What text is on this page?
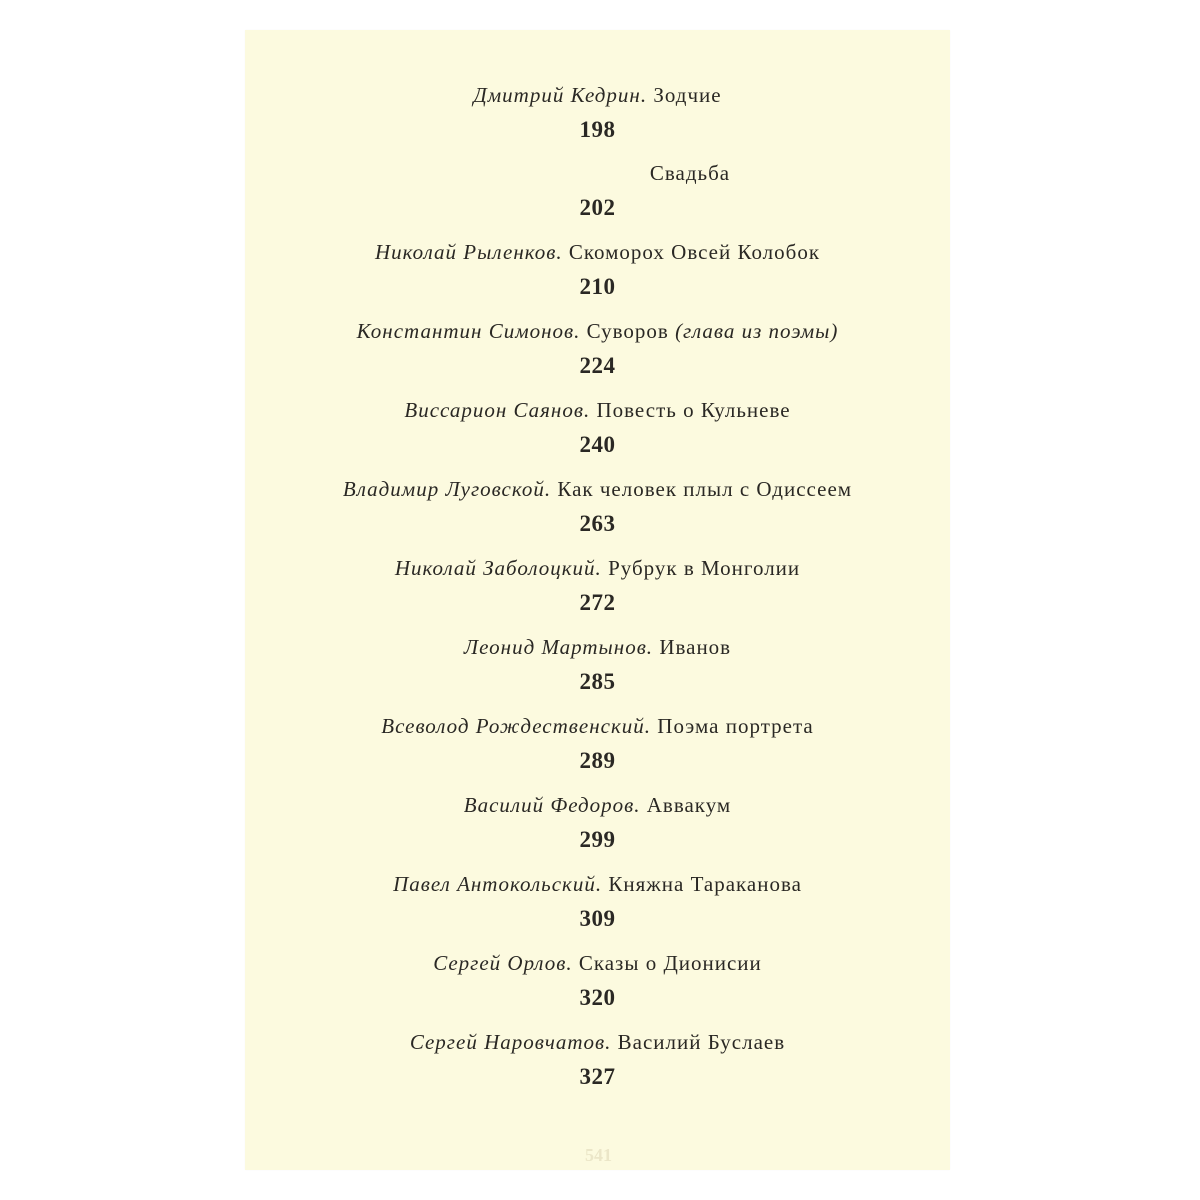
Дмитрий Кедрин. Зодчие
198
Свадьба
202
Николай Рыленков. Скоморох Овсей Колобок
210
Константин Симонов. Суворов (глава из поэмы)
224
Виссарион Саянов. Повесть о Кульневе
240
Владимир Луговской. Как человек плыл с Одиссеем
263
Николай Заболоцкий. Рубрук в Монголии
272
Леонид Мартынов. Иванов
285
Всеволод Рождественский. Поэма портрета
289
Василий Федоров. Аввакум
299
Павел Антокольский. Княжна Тараканова
309
Сергей Орлов. Сказы о Дионисии
320
Сергей Наровчатов. Василий Буслаев
327
541
